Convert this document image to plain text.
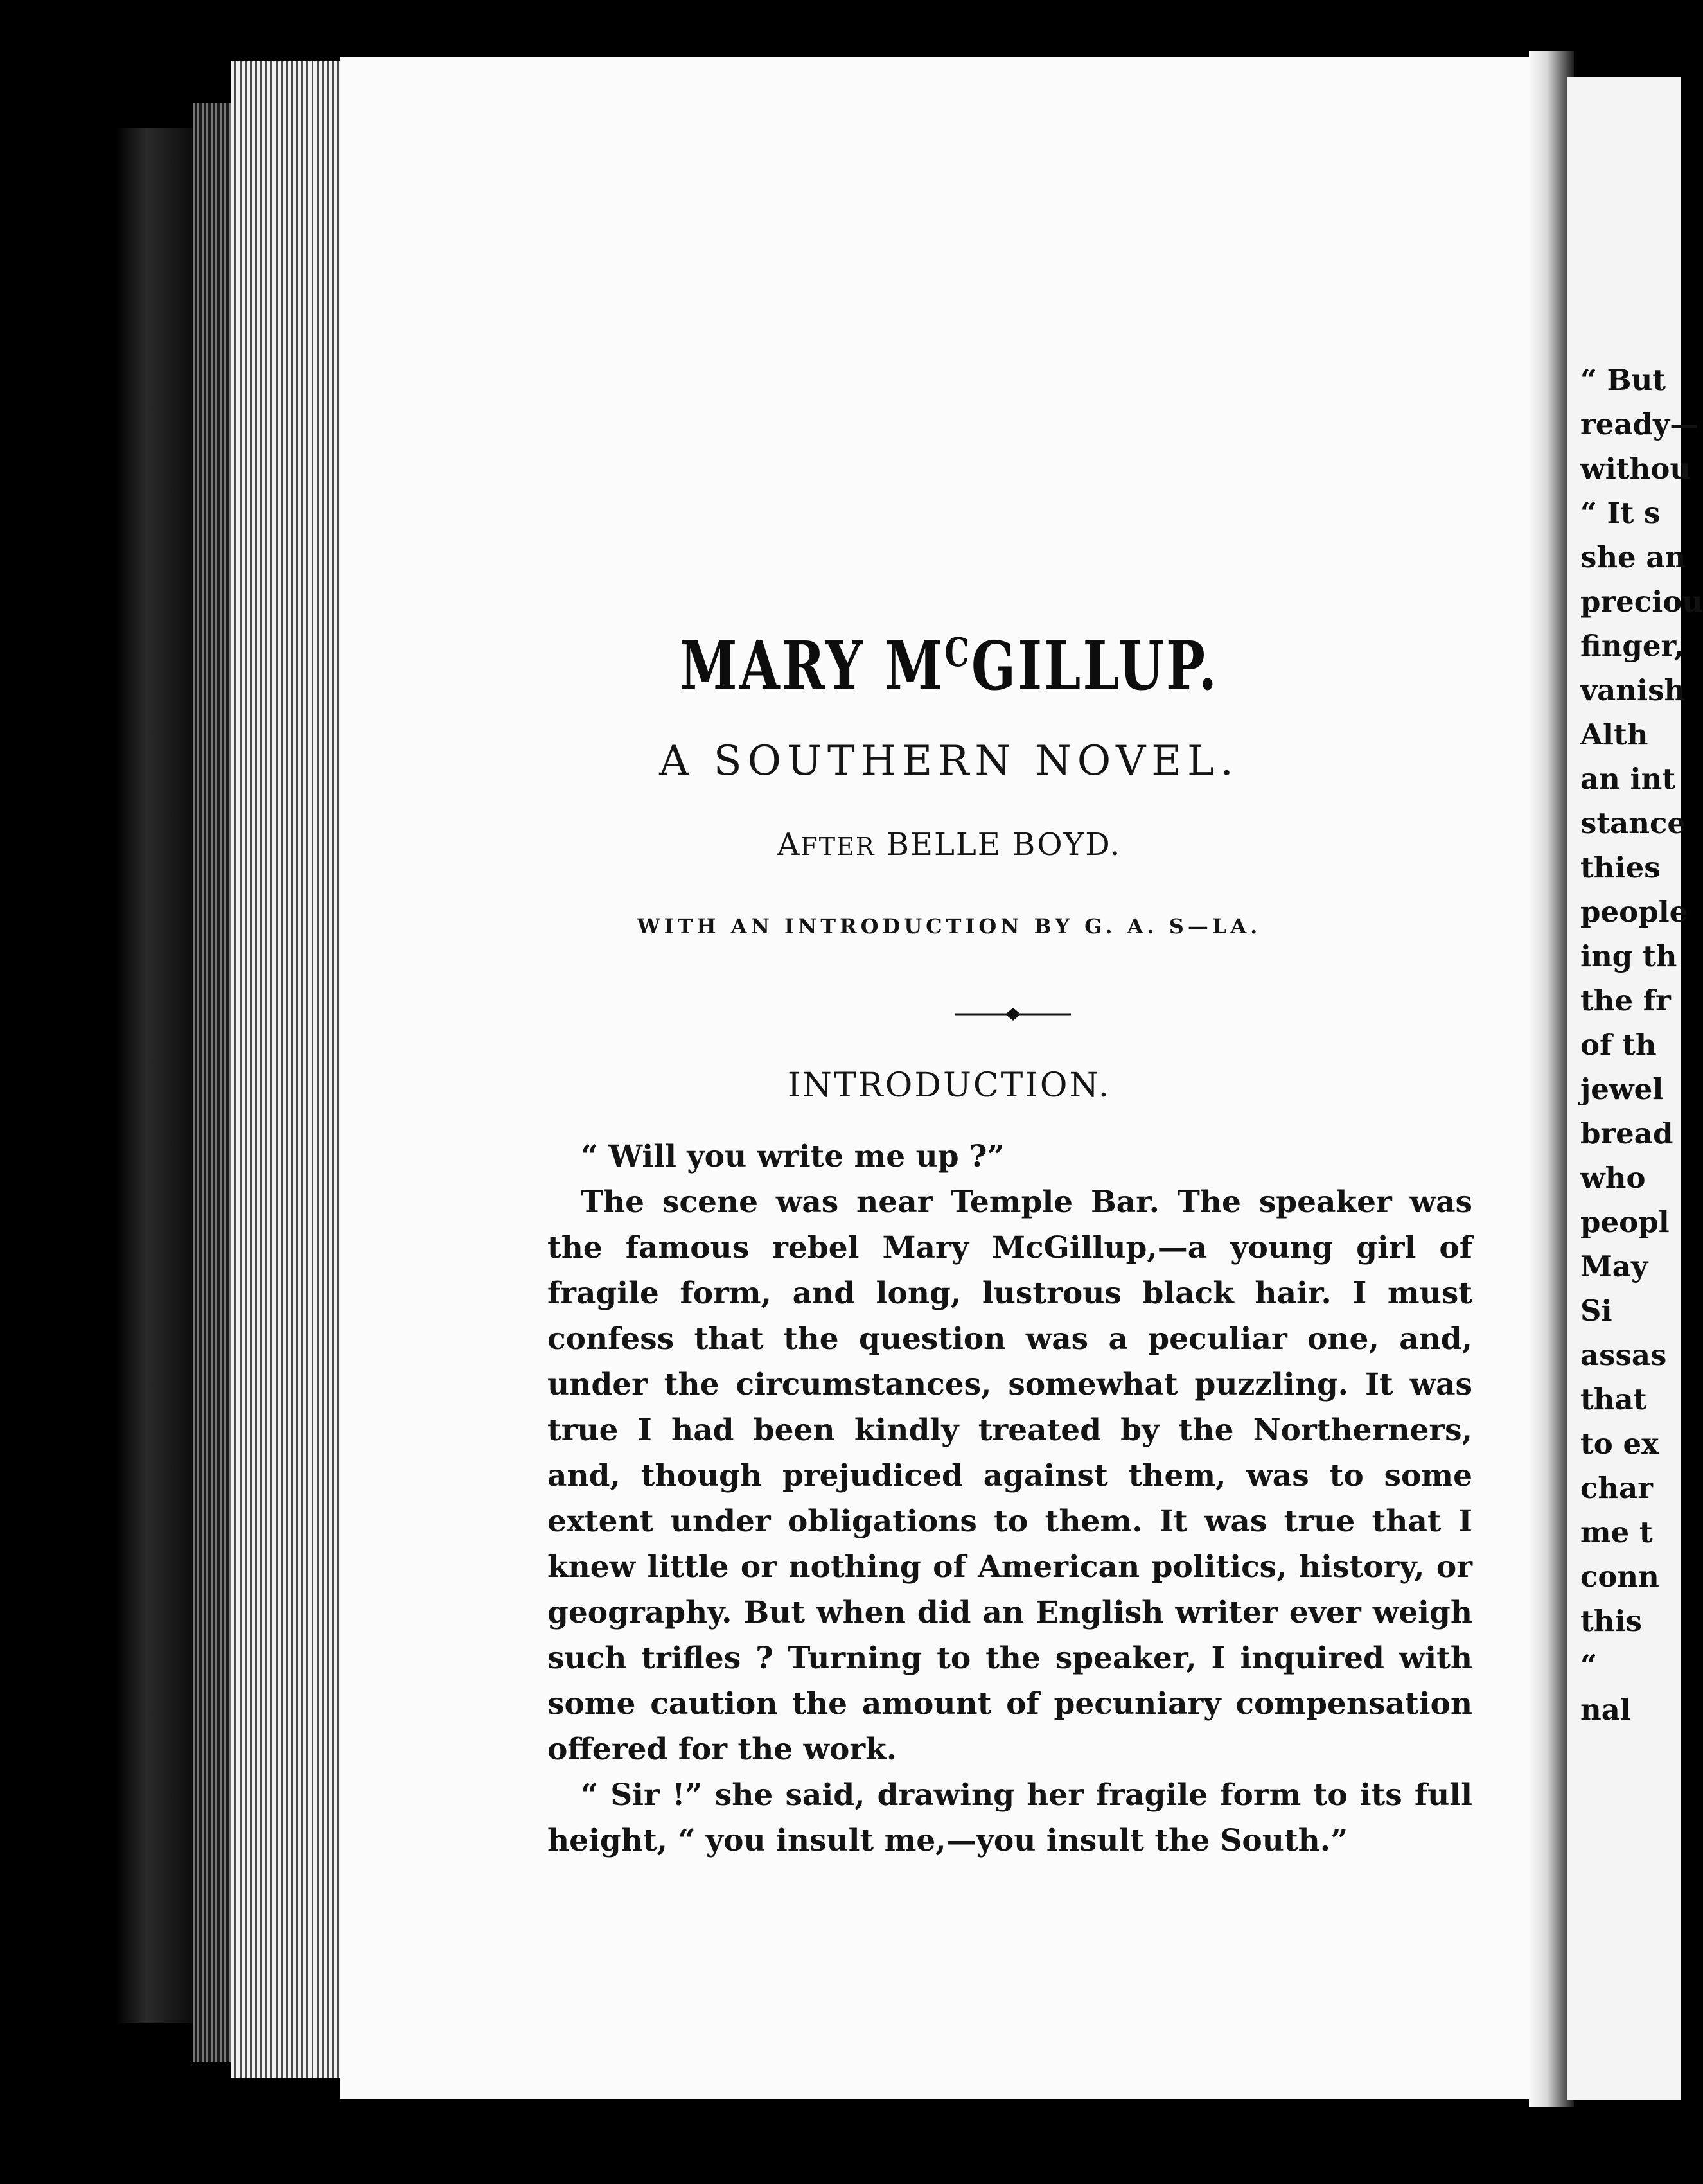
MARY $M^CGILLUP$.
A SOUTHERN NOVEL.
AFTER BELLE BOYD.
WITH AN INTRODUCTION BY G. A. S—LA.
INTRODUCTION.

“ Will you write me up ?”

The scene was near Temple Bar. The speaker was the famous rebel Mary McGillup,—a young girl of fragile form, and long, lustrous black hair. I must confess that the question was a peculiar one, and, under the circumstances, somewhat puzzling. It was true I had been kindly treated by the Northerners, and, though prejudiced against them, was to some extent under obligations to them. It was true that I knew little or nothing of American politics, history, or geography. But when did an English writer ever weigh such trifles ? Turning to the speaker, I inquired with some caution the amount of pecuniary compensation offered for the work.

“ Sir !” she said, drawing her fragile form to its full height, “ you insult me,—you insult the South.”

“ But
ready—
withou
“ It s
she an
preciou
finger,
vanish
Alth
an int
stance
thies
people
ing th
the fr
of th
jewel
bread
who
peopl
May
Si
assas
that
to ex
char
me t
conn
this
“
nal
